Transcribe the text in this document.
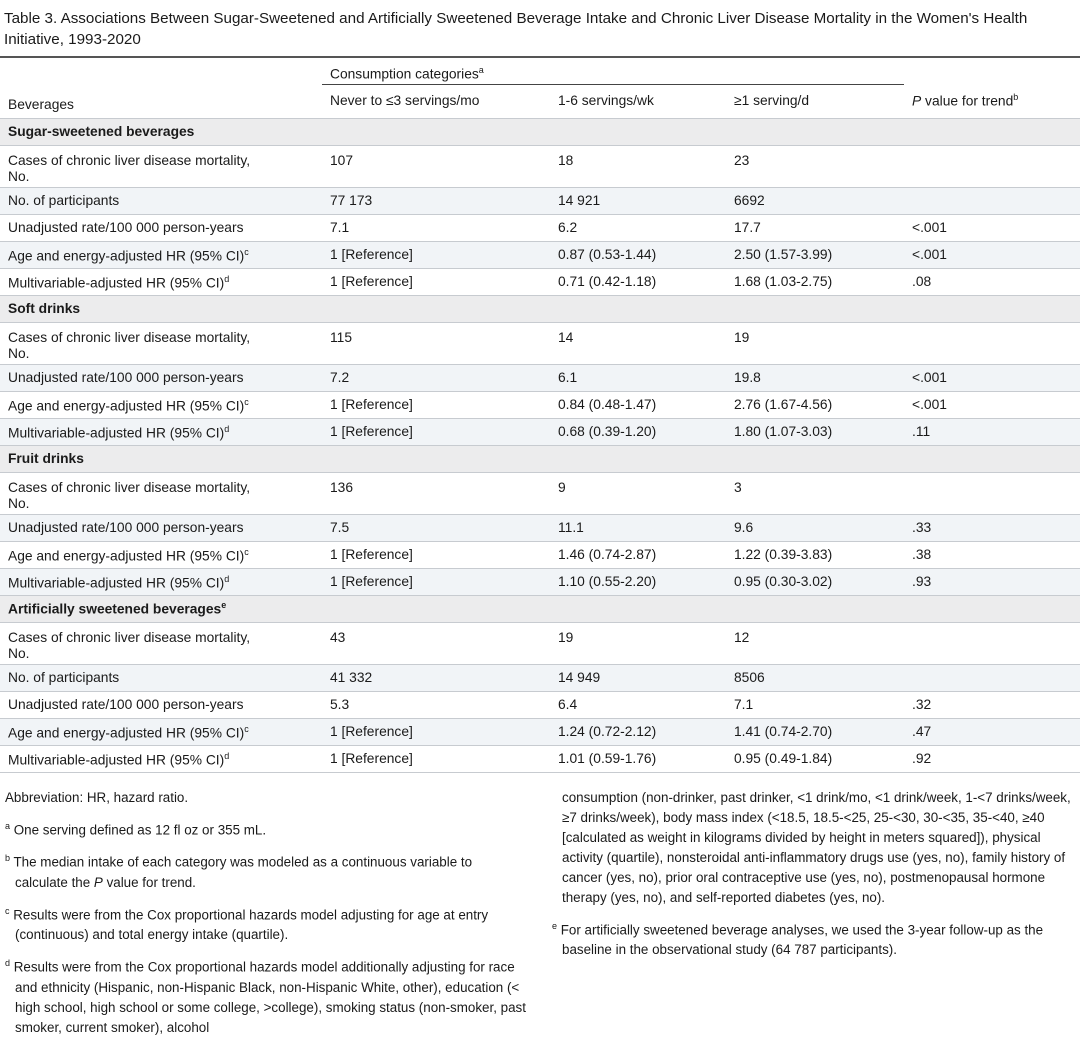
Table 3. Associations Between Sugar-Sweetened and Artificially Sweetened Beverage Intake and Chronic Liver Disease Mortality in the Women's Health Initiative, 1993-2020
	Consumption categories$^a$	
Beverages	Never to ≤3 servings/mo	1-6 servings/wk	≥1 serving/d	P value for trend$^b$
Sugar-sweetened beverages				
Cases of chronic liver disease mortality,
No.	107	18	23	
No. of participants	77 173	14 921	6692	
Unadjusted rate/100 000 person-years	7.1	6.2	17.7	<.001
Age and energy-adjusted HR (95% CI)$^c$	1 [Reference]	0.87 (0.53-1.44)	2.50 (1.57-3.99)	<.001
Multivariable-adjusted HR (95% CI)$^d$	1 [Reference]	0.71 (0.42-1.18)	1.68 (1.03-2.75)	.08
Soft drinks				
Cases of chronic liver disease mortality,
No.	115	14	19	
Unadjusted rate/100 000 person-years	7.2	6.1	19.8	<.001
Age and energy-adjusted HR (95% CI)$^c$	1 [Reference]	0.84 (0.48-1.47)	2.76 (1.67-4.56)	<.001
Multivariable-adjusted HR (95% CI)$^d$	1 [Reference]	0.68 (0.39-1.20)	1.80 (1.07-3.03)	.11
Fruit drinks				
Cases of chronic liver disease mortality,
No.	136	9	3	
Unadjusted rate/100 000 person-years	7.5	11.1	9.6	.33
Age and energy-adjusted HR (95% CI)$^c$	1 [Reference]	1.46 (0.74-2.87)	1.22 (0.39-3.83)	.38
Multivariable-adjusted HR (95% CI)$^d$	1 [Reference]	1.10 (0.55-2.20)	0.95 (0.30-3.02)	.93
Artificially sweetened beverages$^e$
Cases of chronic liver disease mortality,
No.	43	19	12	
No. of participants	41 332	14 949	8506	
Unadjusted rate/100 000 person-years	5.3	6.4	7.1	.32
Age and energy-adjusted HR (95% CI)$^c$	1 [Reference]	1.24 (0.72-2.12)	1.41 (0.74-2.70)	.47
Multivariable-adjusted HR (95% CI)$^d$	1 [Reference]	1.01 (0.59-1.76)	0.95 (0.49-1.84)	.92

Abbreviation: HR, hazard ratio.

$^a$ One serving defined as 12 fl oz or 355 mL.

$^b$ The median intake of each category was modeled as a continuous variable to calculate the P value for trend.

$^c$ Results were from the Cox proportional hazards model adjusting for age at entry (continuous) and total energy intake (quartile).

$^d$ Results were from the Cox proportional hazards model additionally adjusting for race and ethnicity (Hispanic, non-Hispanic Black, non-Hispanic White, other), education (< high school, high school or some college, >college), smoking status (non-smoker, past smoker, current smoker), alcohol

consumption (non-drinker, past drinker, <1 drink/mo, <1 drink/week, 1-<7 drinks/week, ≥7 drinks/week), body mass index (<18.5, 18.5-<25, 25-<30, 30-<35, 35-<40, ≥40 [calculated as weight in kilograms divided by height in meters squared]), physical activity (quartile), nonsteroidal anti-inflammatory drugs use (yes, no), family history of cancer (yes, no), prior oral contraceptive use (yes, no), postmenopausal hormone therapy (yes, no), and self-reported diabetes (yes, no).

$^e$ For artificially sweetened beverage analyses, we used the 3-year follow-up as the baseline in the observational study (64 787 participants).
